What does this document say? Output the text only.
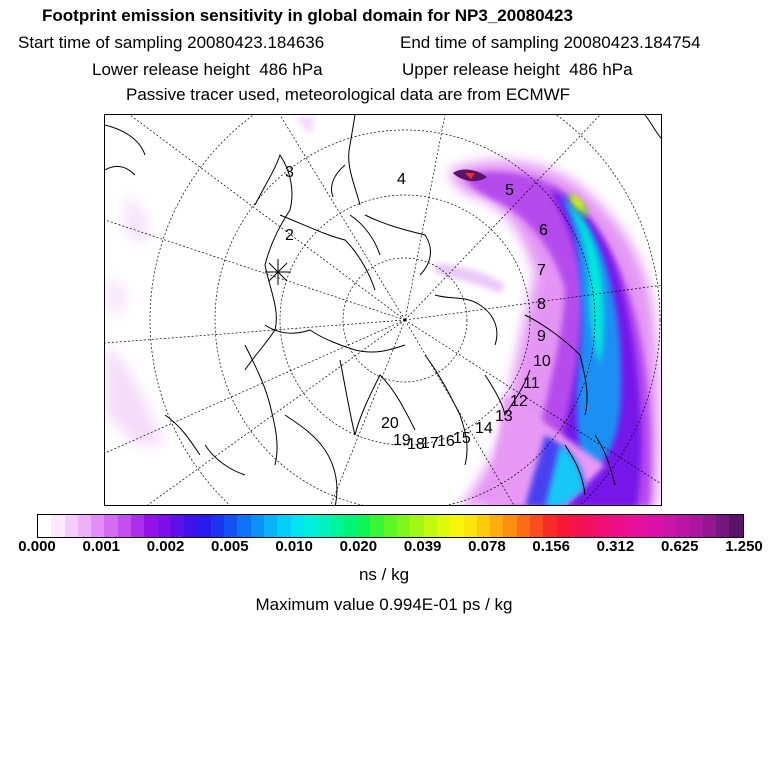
Footprint emission sensitivity in global domain for NP3_20080423
Start time of sampling 20080423.184636	End time of sampling 20080423.184754
Lower release height  486 hPa	Upper release height  486 hPa
Passive tracer used, meteorological data are from ECMWF
2
3	4
5
6
7
8
9
10
11
12
13
14
15
16
17
18
19
20
0.000 0.001 0.002 0.005 0.010 0.020 0.039 0.078 0.156 0.312 0.625 1.250
ns / kg
Maximum value 0.994E-01 ps / kg
